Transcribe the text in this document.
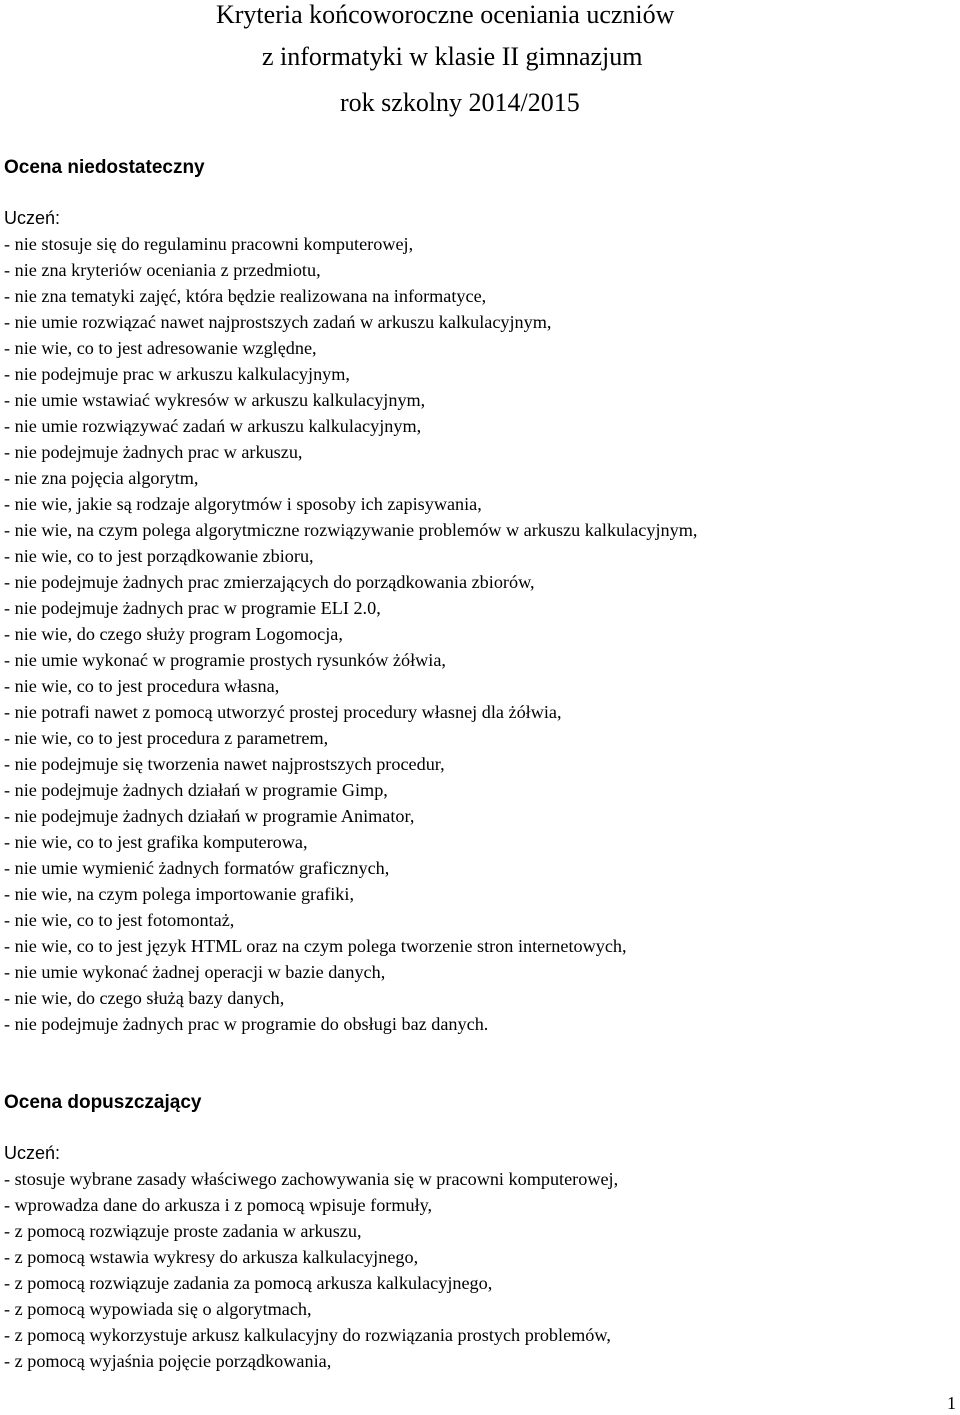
Kryteria końcoworoczne oceniania uczniów
z informatyki w klasie II gimnazjum
rok szkolny 2014/2015

Ocena niedostateczny

Uczeń:

- nie stosuje się do regulaminu pracowni komputerowej,
- nie zna kryteriów oceniania z przedmiotu,
- nie zna tematyki zajęć, która będzie realizowana na informatyce,
- nie umie rozwiązać nawet najprostszych zadań w arkuszu kalkulacyjnym,
- nie wie, co to jest adresowanie względne,
- nie podejmuje prac w arkuszu kalkulacyjnym,
- nie umie wstawiać wykresów w arkuszu kalkulacyjnym,
- nie umie rozwiązywać zadań w arkuszu kalkulacyjnym,
- nie podejmuje żadnych prac w arkuszu,
- nie zna pojęcia algorytm,
- nie wie, jakie są rodzaje algorytmów i sposoby ich zapisywania,
- nie wie, na czym polega algorytmiczne rozwiązywanie problemów w arkuszu kalkulacyjnym,
- nie wie, co to jest porządkowanie zbioru,
- nie podejmuje żadnych prac zmierzających do porządkowania zbiorów,
- nie podejmuje żadnych prac w programie ELI 2.0,
- nie wie, do czego służy program Logomocja,
- nie umie wykonać w programie prostych rysunków żółwia,
- nie wie, co to jest procedura własna,
- nie potrafi nawet z pomocą utworzyć prostej procedury własnej dla żółwia,
- nie wie, co to jest procedura z parametrem,
- nie podejmuje się tworzenia nawet najprostszych procedur,
- nie podejmuje żadnych działań w programie Gimp,
- nie podejmuje żadnych działań w programie Animator,
- nie wie, co to jest grafika komputerowa,
- nie umie wymienić żadnych formatów graficznych,
- nie wie, na czym polega importowanie grafiki,
- nie wie, co to jest fotomontaż,
- nie wie, co to jest język HTML oraz na czym polega tworzenie stron internetowych,
- nie umie wykonać żadnej operacji w bazie danych,
- nie wie, do czego służą bazy danych,
- nie podejmuje żadnych prac w programie do obsługi baz danych.

Ocena dopuszczający

Uczeń:

- stosuje wybrane zasady właściwego zachowywania się w pracowni komputerowej,
- wprowadza dane do arkusza i z pomocą wpisuje formuły,
- z pomocą rozwiązuje proste zadania w arkuszu,
- z pomocą wstawia wykresy do arkusza kalkulacyjnego,
- z pomocą rozwiązuje zadania za pomocą arkusza kalkulacyjnego,
- z pomocą wypowiada się o algorytmach,
- z pomocą wykorzystuje arkusz kalkulacyjny do rozwiązania prostych problemów,
- z pomocą wyjaśnia pojęcie porządkowania,
1
